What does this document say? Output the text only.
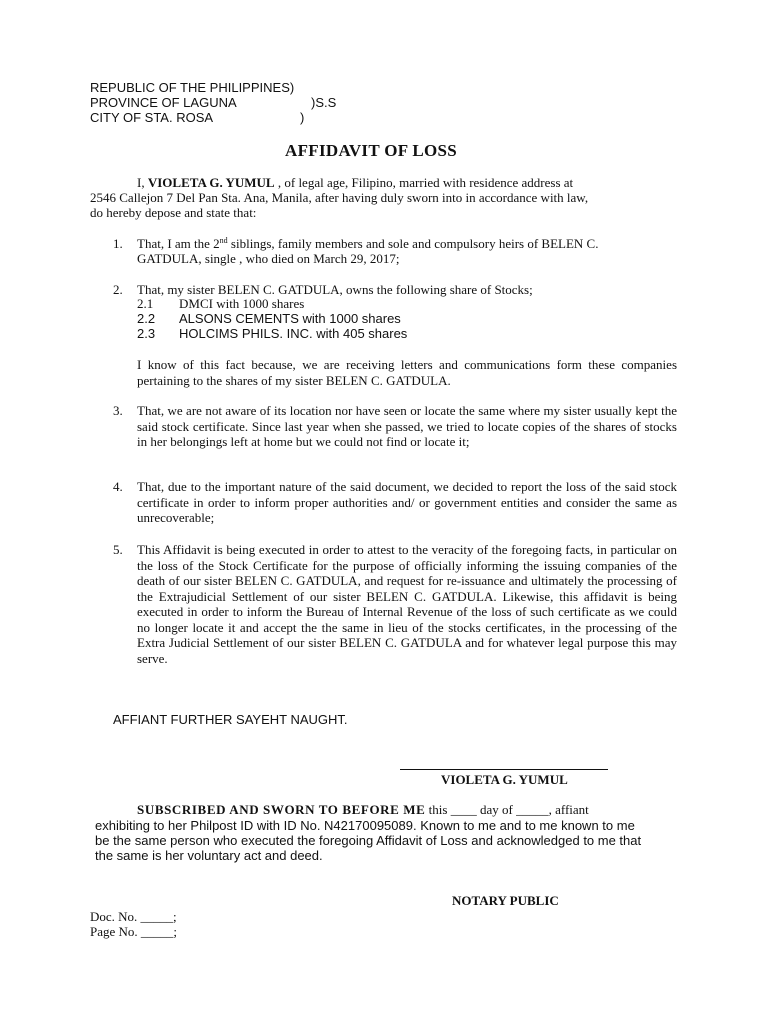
REPUBLIC OF THE PHILIPPINES)
PROVINCE OF LAGUNA	)S.S
CITY OF STA. ROSA	)
AFFIDAVIT OF LOSS
I, VIOLETA G. YUMUL , of legal age, Filipino, married with residence address at
2546 Callejon 7 Del Pan Sta. Ana, Manila, after having duly sworn into in accordance with law,
do hereby depose and state that:
1. That, I am the 2nd siblings, family members and sole and compulsory heirs of BELEN C.
GATDULA, single , who died on March 29, 2017;
2. That, my sister BELEN C. GATDULA, owns the following share of Stocks;
2.1 DMCI with 1000 shares
2.2 ALSONS CEMENTS with 1000 shares
2.3 HOLCIMS PHILS. INC. with 405 shares
I know of this fact because, we are receiving letters and communications form these companies pertaining to the shares of my sister BELEN C. GATDULA.
3. That, we are not aware of its location nor have seen or locate the same where my sister usually kept the said stock certificate. Since last year when she passed, we tried to locate copies of the shares of stocks in her belongings left at home but we could not find or locate it;
4. That, due to the important nature of the said document, we decided to report the loss of the said stock certificate in order to inform proper authorities and/ or government entities and consider the same as unrecoverable;
5. This Affidavit is being executed in order to attest to the veracity of the foregoing facts, in particular on the loss of the Stock Certificate for the purpose of officially informing the issuing companies of the death of our sister BELEN C. GATDULA, and request for re-issuance and ultimately the processing of the Extrajudicial Settlement of our sister BELEN C. GATDULA. Likewise, this affidavit is being executed in order to inform the Bureau of Internal Revenue of the loss of such certificate as we could no longer locate it and accept the the same in lieu of the stocks certificates, in the processing of the Extra Judicial Settlement of our sister BELEN C. GATDULA and for whatever legal purpose this may serve.
AFFIANT FURTHER SAYEHT NAUGHT.
VIOLETA G. YUMUL
SUBSCRIBED AND SWORN TO BEFORE ME this ____ day of _____, affiant
exhibiting to her Philpost ID with ID No. N42170095089. Known to me and to me known to me
be the same person who executed the foregoing Affidavit of Loss and acknowledged to me that
the same is her voluntary act and deed.
NOTARY PUBLIC
Doc. No. _____;
Page No. _____;
